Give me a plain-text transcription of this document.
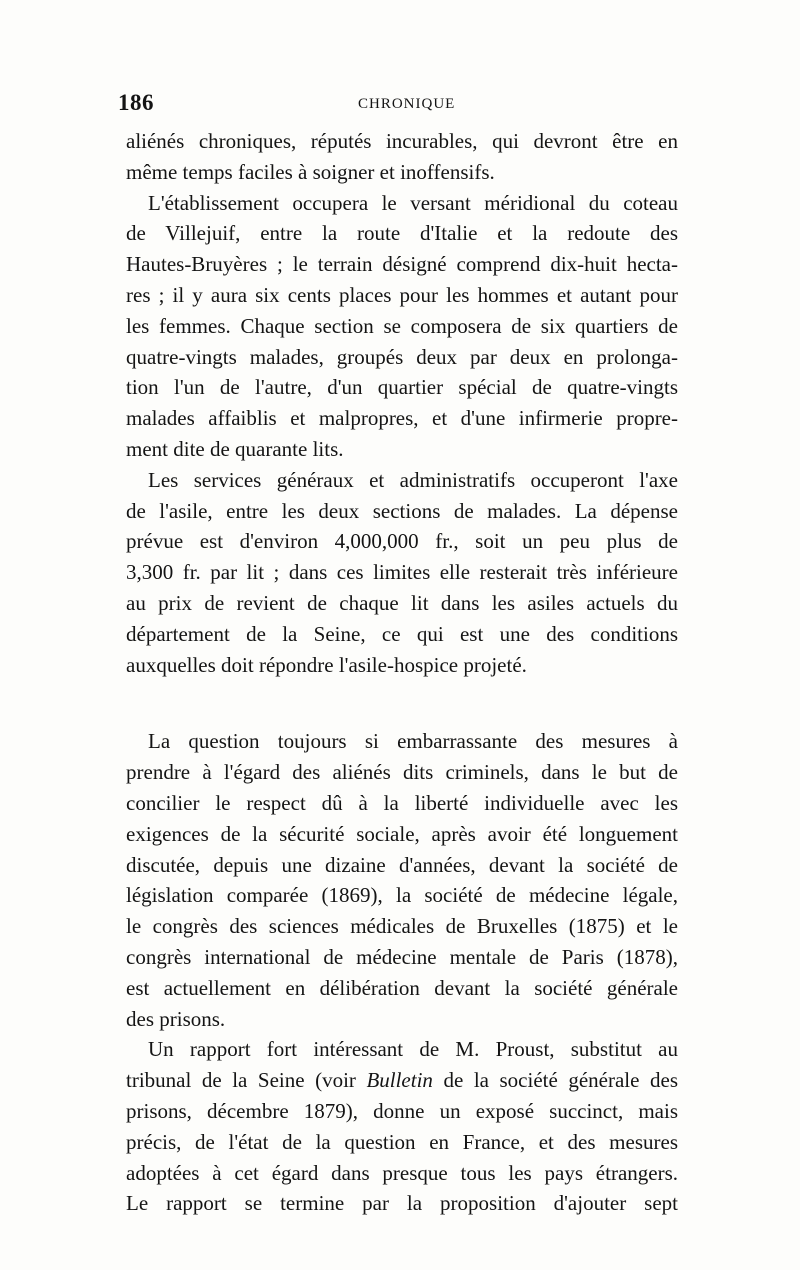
186	CHRONIQUE
aliénés chroniques, réputés incurables, qui devront être en
même temps faciles à soigner et inoffensifs.
L'établissement occupera le versant méridional du coteau
de Villejuif, entre la route d'Italie et la redoute des
Hautes-Bruyères ; le terrain désigné comprend dix-huit hecta-
res ; il y aura six cents places pour les hommes et autant pour
les femmes. Chaque section se composera de six quartiers de
quatre-vingts malades, groupés deux par deux en prolonga-
tion l'un de l'autre, d'un quartier spécial de quatre-vingts
malades affaiblis et malpropres, et d'une infirmerie propre-
ment dite de quarante lits.
Les services généraux et administratifs occuperont l'axe
de l'asile, entre les deux sections de malades. La dépense
prévue est d'environ 4,000,000 fr., soit un peu plus de
3,300 fr. par lit ; dans ces limites elle resterait très inférieure
au prix de revient de chaque lit dans les asiles actuels du
département de la Seine, ce qui est une des conditions
auxquelles doit répondre l'asile-hospice projeté.
La question toujours si embarrassante des mesures à
prendre à l'égard des aliénés dits criminels, dans le but de
concilier le respect dû à la liberté individuelle avec les
exigences de la sécurité sociale, après avoir été longuement
discutée, depuis une dizaine d'années, devant la société de
législation comparée (1869), la société de médecine légale,
le congrès des sciences médicales de Bruxelles (1875) et le
congrès international de médecine mentale de Paris (1878),
est actuellement en délibération devant la société générale
des prisons.
Un rapport fort intéressant de M. Proust, substitut au
tribunal de la Seine (voir Bulletin de la société générale des
prisons, décembre 1879), donne un exposé succinct, mais
précis, de l'état de la question en France, et des mesures
adoptées à cet égard dans presque tous les pays étrangers.
Le rapport se termine par la proposition d'ajouter sept
